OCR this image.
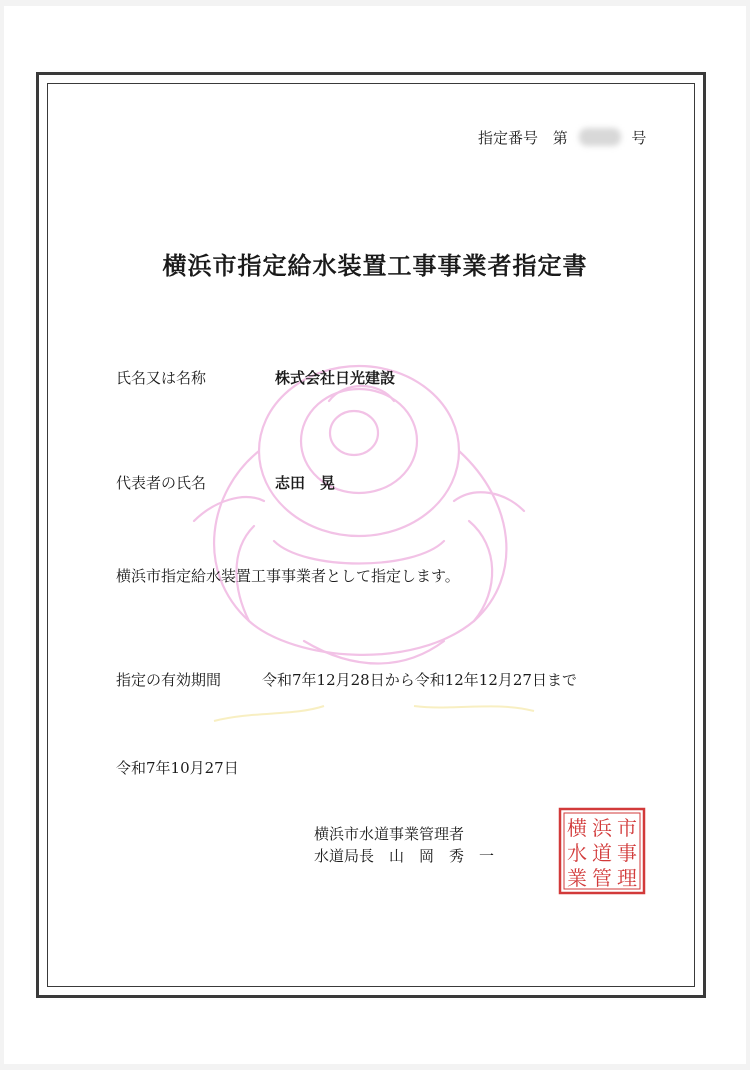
指定番号 第	号
横浜市指定給水装置工事事業者指定書
氏名又は名称	株式会社日光建設
代表者の氏名	志田　晃
横浜市指定給水装置工事事業者として指定します。
指定の有効期間	令和7年12月28日から令和12年12月27日まで
令和7年10月27日
横浜市水道事業管理者
水道局長　山　岡　秀　一
横 浜 市
水 道 事
業 管 理
